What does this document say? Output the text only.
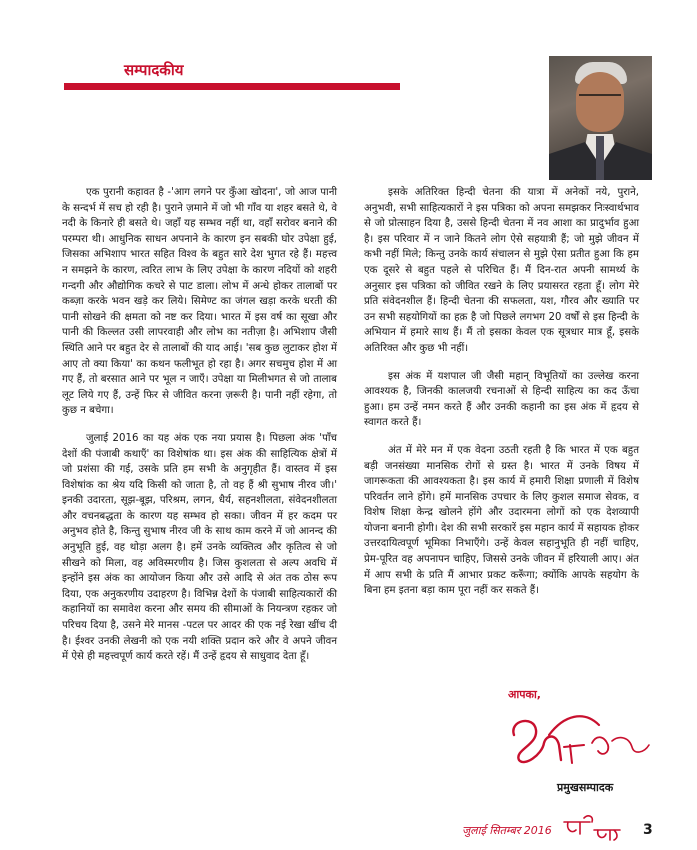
सम्पादकीय

एक पुरानी कहावत है -'आग लगने पर कुँआ खोदना', जो आज पानी के सन्दर्भ में सच हो रही है। पुराने ज़माने में जो भी गाँव या शहर बसते थे, वे नदी के किनारे ही बसते थे। जहाँ यह सम्भव नहीं था, वहाँ सरोवर बनाने की परम्परा थी। आधुनिक साधन अपनाने के कारण इन सबकी घोर उपेक्षा हुई, जिसका अभिशाप भारत सहित विश्व के बहुत सारे देश भुगत रहे हैं। महत्त्व न समझने के कारण, त्वरित लाभ के लिए उपेक्षा के कारण नदियों को शहरी गन्दगी और औद्योगिक कचरे से पाट डाला। लोभ में अन्धे होकर तालाबों पर कब्ज़ा करके भवन खड़े कर लिये। सिमेण्ट का जंगल खड़ा करके धरती की पानी सोखने की क्षमता को नष्ट कर दिया। भारत में इस वर्ष का सूखा और पानी की किल्लत उसी लापरवाही और लोभ का नतीज़ा है। अभिशाप जैसी स्थिति आने पर बहुत देर से तालाबों की याद आई। 'सब कुछ लुटाकर होश में आए तो क्या किया' का कथन फलीभूत हो रहा है। अगर सचमुच होश में आ गए हैं, तो बरसात आने पर भूल न जाएँ। उपेक्षा या मिलीभगत से जो तालाब लूट लिये गए हैं, उन्हें फिर से जीवित करना ज़रूरी है। पानी नहीं रहेगा, तो कुछ न बचेगा।

जुलाई 2016 का यह अंक एक नया प्रयास है। पिछला अंक 'पाँच देशों की पंजाबी कथाएँ' का विशेषांक था। इस अंक की साहित्यिक क्षेत्रों में जो प्रशंसा की गई, उसके प्रति हम सभी के अनुगृहीत हैं। वास्तव में इस विशेषांक का श्रेय यदि किसी को जाता है, तो वह हैं श्री सुभाष नीरव जी।' इनकी उदारता, सूझ-बूझ, परिश्रम, लगन, धैर्य, सहनशीलता, संवेदनशीलता और वचनबद्धता के कारण यह सम्भव हो सका। जीवन में हर कदम पर अनुभव होते है, किन्तु सुभाष नीरव जी के साथ काम करने में जो आनन्द की अनुभूति हुई, वह थोड़ा अलग है। हमें उनके व्यक्तित्व और कृतित्व से जो सीखने को मिला, वह अविस्मरणीय है। जिस कुशलता से अल्प अवधि में इन्होंने इस अंक का आयोजन किया और उसे आदि से अंत तक ठोस रूप दिया, एक अनुकरणीय उदाहरण है। विभिन्न देशों के पंजाबी साहित्यकारों की कहानियों का समावेश करना और समय की सीमाओं के नियन्त्रण रहकर जो परिचय दिया है, उसने मेरे मानस -पटल पर आदर की एक नई रेखा खींच दी है। ईश्वर उनकी लेखनी को एक नयी शक्ति प्रदान करे और वे अपने जीवन में ऐसे ही महत्त्वपूर्ण कार्य करते रहें। मैं उन्हें हृदय से साधुवाद देता हूँ।

इसके अतिरिक्त हिन्दी चेतना की यात्रा में अनेकों नये, पुराने, अनुभवी, सभी साहित्यकारों ने इस पत्रिका को अपना समझकर निःस्वार्थभाव से जो प्रोत्साहन दिया है, उससे हिन्दी चेतना में नव आशा का प्रादुर्भाव हुआ है। इस परिवार में न जाने कितने लोग ऐसे सहयात्री हैं; जो मुझे जीवन में कभी नहीं मिले; किन्तु उनके कार्य संचालन से मुझे ऐसा प्रतीत हुआ कि हम एक दूसरे से बहुत पहले से परिचित हैं। मैं दिन-रात अपनी सामर्थ्य के अनुसार इस पत्रिका को जीवित रखने के लिए प्रयासरत रहता हूँ। लोग मेरे प्रति संवेदनशील हैं। हिन्दी चेतना की सफलता, यश, गौरव और ख्याति पर उन सभी सहयोगियों का हक़ है जो पिछले लगभग 20 वर्षों से इस हिन्दी के अभियान में हमारे साथ हैं। मैं तो इसका केवल एक सूत्रधार मात्र हूँ, इसके अतिरिक्त और कुछ भी नहीं।

इस अंक में यशपाल जी जैसी महान् विभूतियों का उल्लेख करना आवश्यक है, जिनकी कालजयी रचनाओं से हिन्दी साहित्य का कद ऊँचा हुआ। हम उन्हें नमन करते हैं और उनकी कहानी का इस अंक में हृदय से स्वागत करते हैं।

अंत में मेरे मन में एक वेदना उठती रहती है कि भारत में एक बहुत बड़ी जनसंख्या मानसिक रोगों से ग्रस्त है। भारत में उनके विषय में जागरूकता की आवश्यकता है। इस कार्य में हमारी शिक्षा प्रणाली में विशेष परिवर्तन लाने होंगे। हमें मानसिक उपचार के लिए कुशल समाज सेवक, व विशेष शिक्षा केन्द्र खोलने होंगे और उदारमना लोगों को एक देशव्यापी योजना बनानी होगी। देश की सभी सरकारें इस महान कार्य में सहायक होकर उत्तरदायित्वपूर्ण भूमिका निभाएँगे। उन्हें केवल सहानुभूति ही नहीं चाहिए, प्रेम-पूरित वह अपनापन चाहिए, जिससे उनके जीवन में हरियाली आए। अंत में आप सभी के प्रति मैं आभार प्रकट करूँगा; क्योंकि आपके सहयोग के बिना हम इतना बड़ा काम पूरा नहीं कर सकते हैं।

आपका,
प्रमुखसम्पादक
जुलाई सितम्बर 2016	3
